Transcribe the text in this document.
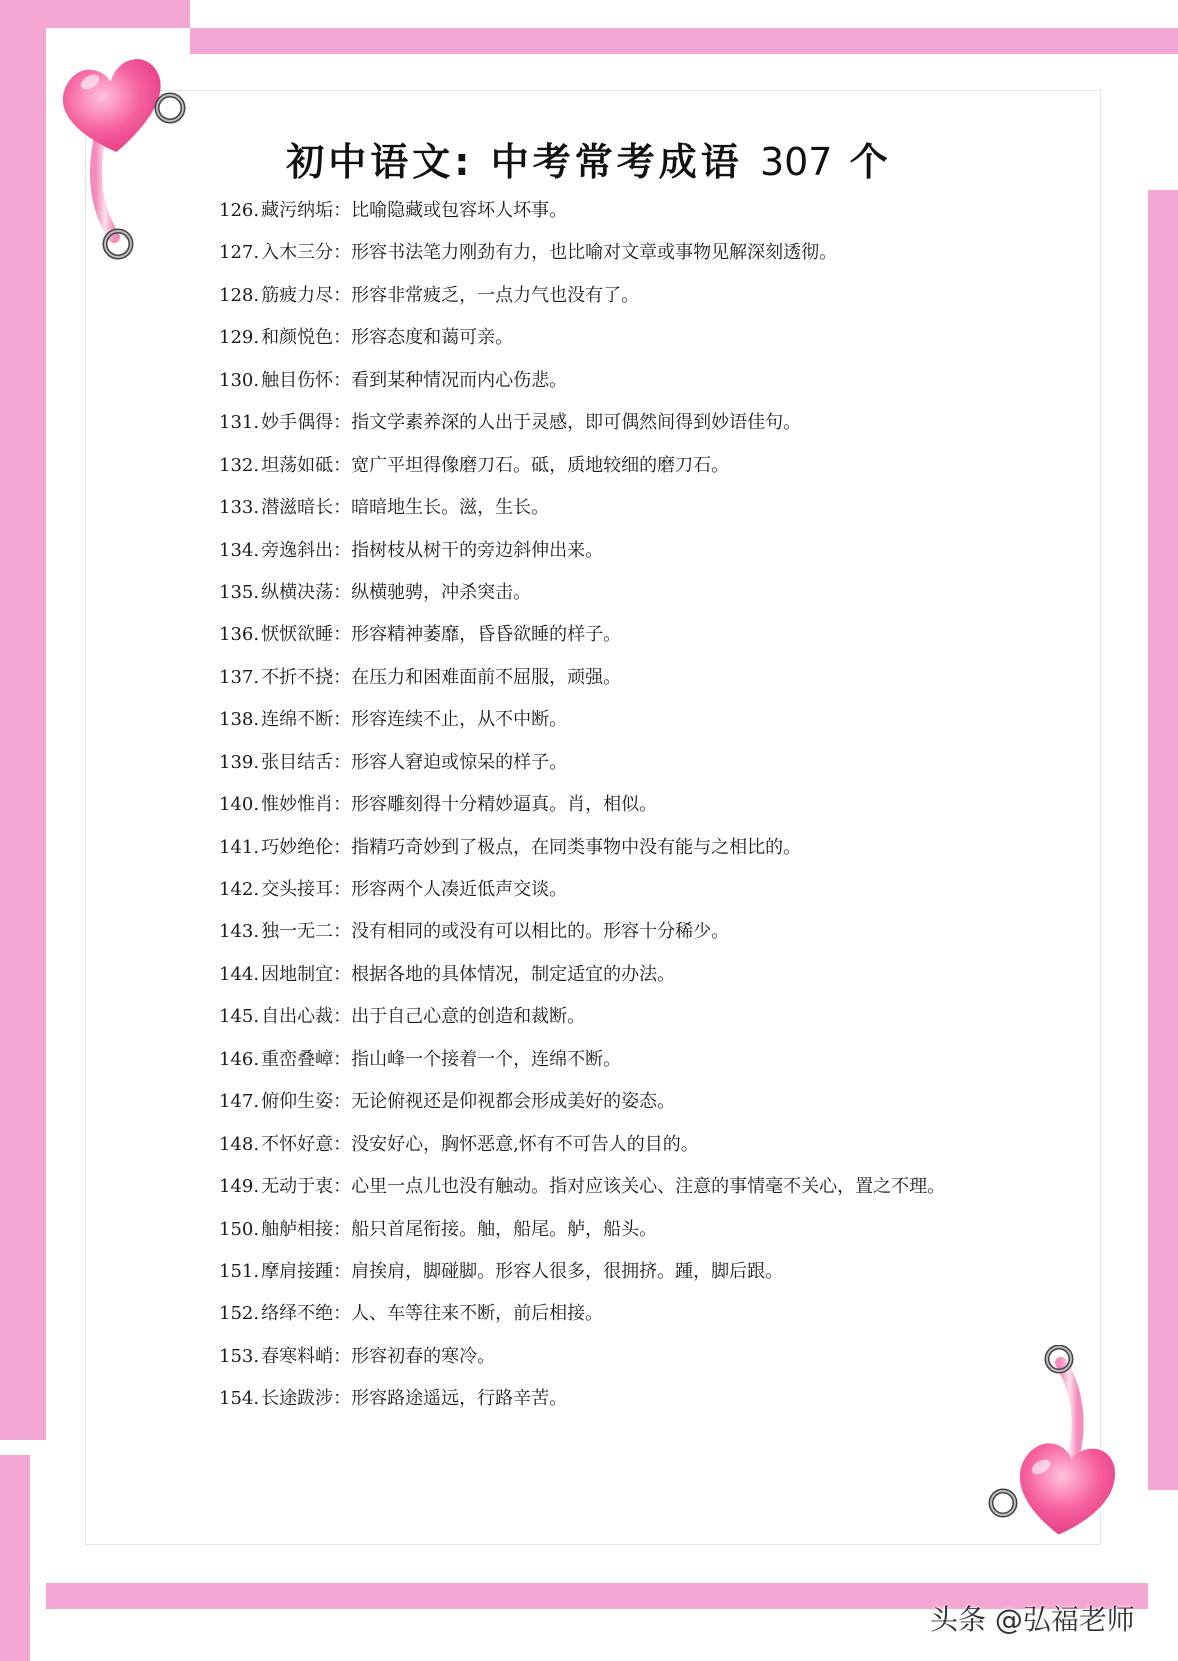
初中语文: 中考常考成语 307 个
126. 藏污纳垢：比喻隐藏或包容坏人坏事。
127. 入木三分：形容书法笔力刚劲有力，也比喻对文章或事物见解深刻透彻。
128. 筋疲力尽：形容非常疲乏，一点力气也没有了。
129. 和颜悦色：形容态度和蔼可亲。
130. 触目伤怀：看到某种情况而内心伤悲。
131. 妙手偶得：指文学素养深的人出于灵感，即可偶然间得到妙语佳句。
132. 坦荡如砥：宽广平坦得像磨刀石。砥，质地较细的磨刀石。
133. 潜滋暗长：暗暗地生长。滋，生长。
134. 旁逸斜出：指树枝从树干的旁边斜伸出来。
135. 纵横决荡：纵横驰骋，冲杀突击。
136. 恹恹欲睡：形容精神萎靡，昏昏欲睡的样子。
137. 不折不挠：在压力和困难面前不屈服，顽强。
138. 连绵不断：形容连续不止，从不中断。
139. 张目结舌：形容人窘迫或惊呆的样子。
140. 惟妙惟肖：形容雕刻得十分精妙逼真。肖，相似。
141. 巧妙绝伦：指精巧奇妙到了极点，在同类事物中没有能与之相比的。
142. 交头接耳：形容两个人凑近低声交谈。
143. 独一无二：没有相同的或没有可以相比的。形容十分稀少。
144. 因地制宜：根据各地的具体情况，制定适宜的办法。
145. 自出心裁：出于自己心意的创造和裁断。
146. 重峦叠嶂：指山峰一个接着一个，连绵不断。
147. 俯仰生姿：无论俯视还是仰视都会形成美好的姿态。
148. 不怀好意：没安好心，胸怀恶意,怀有不可告人的目的。
149. 无动于衷：心里一点儿也没有触动。指对应该关心、注意的事情毫不关心，置之不理。
150. 舳舻相接：船只首尾衔接。舳，船尾。舻，船头。
151. 摩肩接踵：肩挨肩，脚碰脚。形容人很多，很拥挤。踵，脚后跟。
152. 络绎不绝：人、车等往来不断，前后相接。
153. 春寒料峭：形容初春的寒冷。
154. 长途跋涉：形容路途遥远，行路辛苦。
头条 @弘福老师
